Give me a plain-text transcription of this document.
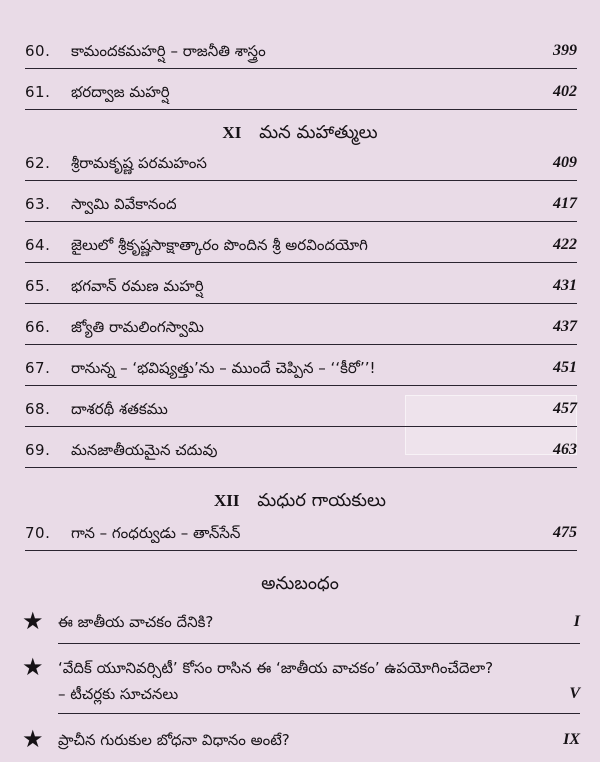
60. కామందకమహర్షి – రాజనీతి శాస్త్రం	399
61. భరద్వాజ మహర్షి	402
XI మన మహాత్ములు
62. శ్రీరామకృష్ణ పరమహంస	409
63. స్వామి వివేకానంద	417
64. జైలులో శ్రీకృష్ణసాక్షాత్కారం పొందిన శ్రీ అరవిందయోగి	422
65. భగవాన్ రమణ మహర్షి	431
66. జ్యోతి రామలింగస్వామి	437
67. రానున్న – ‘భవిష్యత్తు’ను – ముందే చెప్పిన – ‘‘కీరో’’!	451
68. దాశరథీ శతకము	457
69. మనజాతీయమైన చదువు	463
XII మధుర గాయకులు
70. గాన – గంధర్వుడు – తాన్‌సేన్	475
అనుబంధం
★ ఈ జాతీయ వాచకం దేనికి?	I
★ ‘వేదిక్ యూనివర్సిటీ’ కోసం రాసిన ఈ ‘జాతీయ వాచకం’ ఉపయోగించేదెలా?
– టీచర్లకు సూచనలు	V
★ ప్రాచీన గురుకుల బోధనా విధానం అంటే?	IX
